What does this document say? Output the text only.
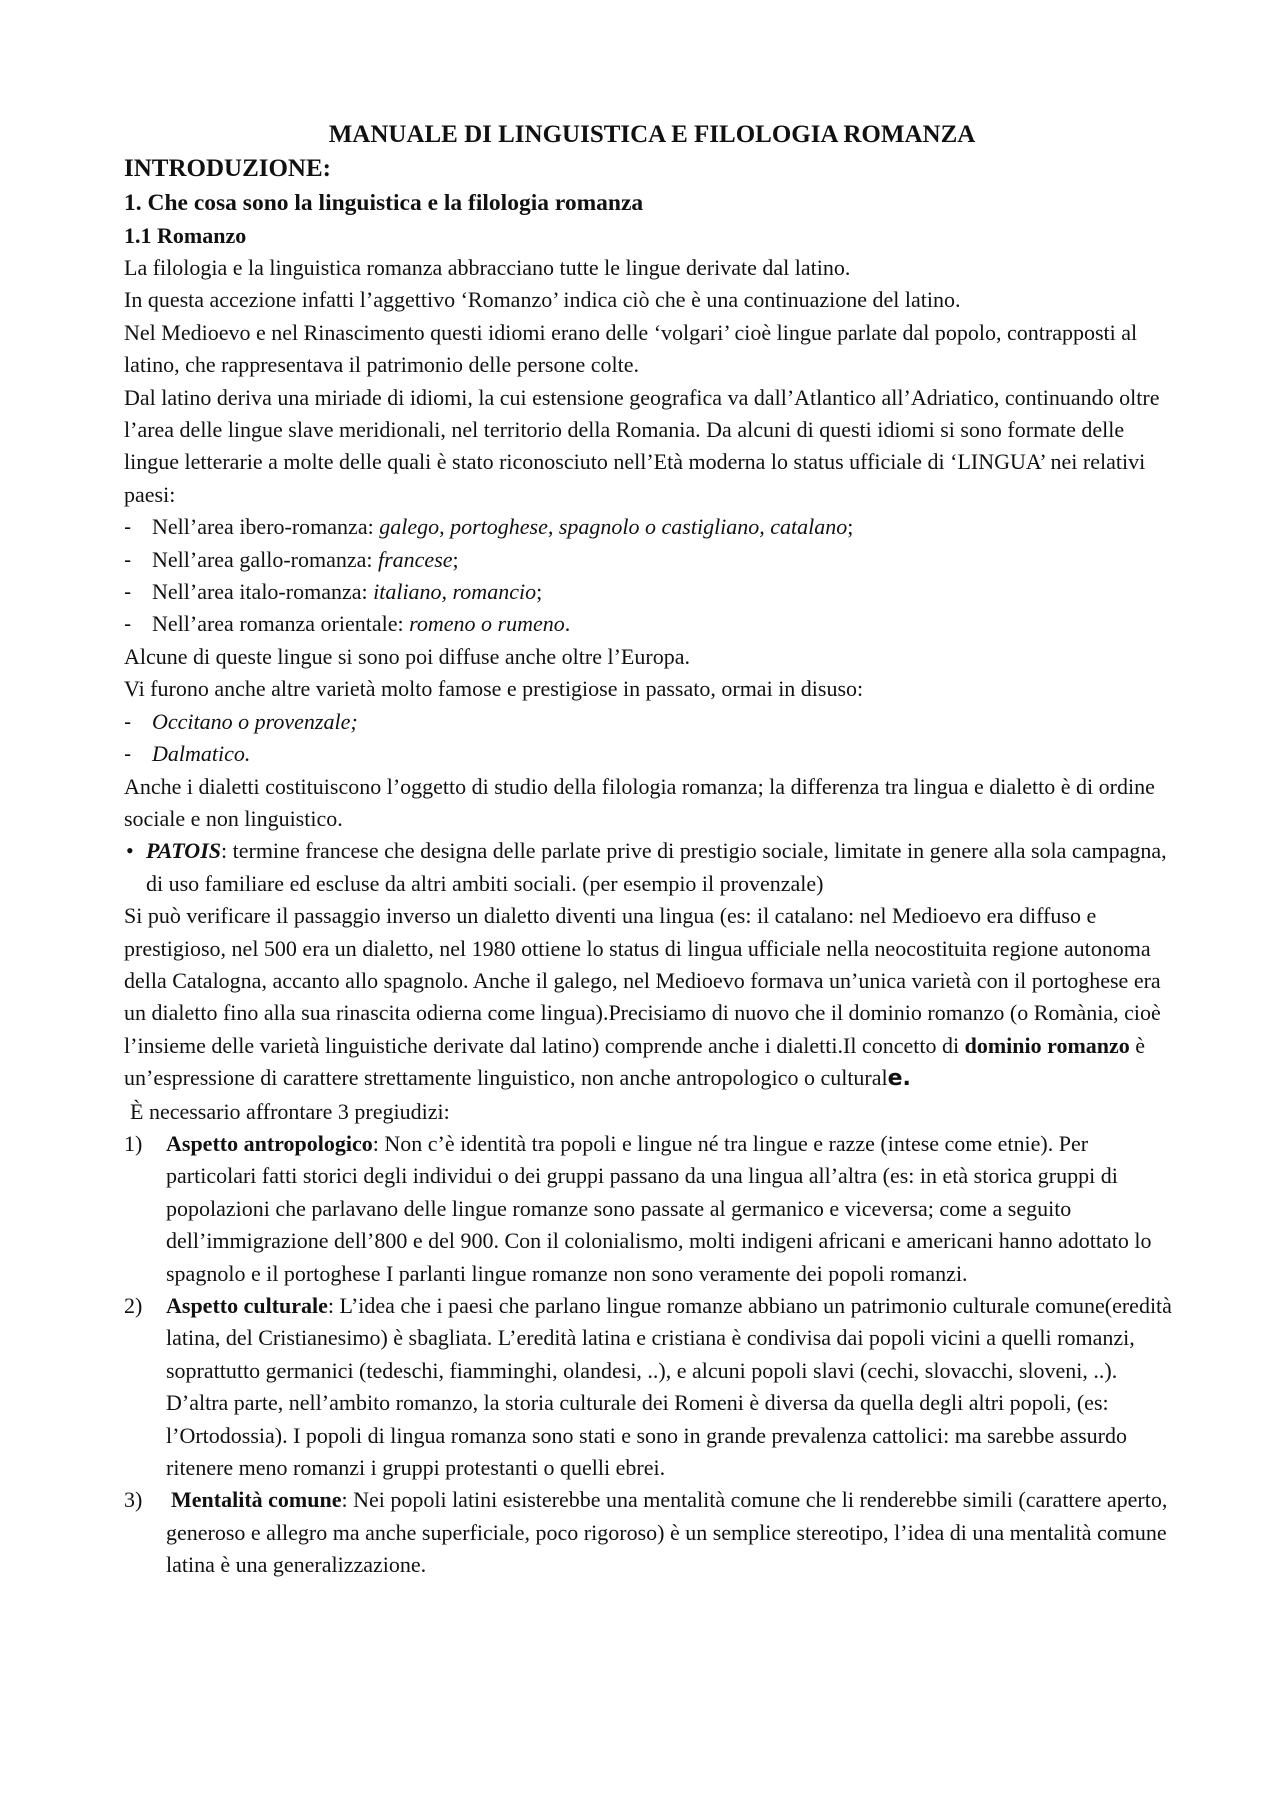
MANUALE DI LINGUISTICA E FILOLOGIA ROMANZA
INTRODUZIONE:
1. Che cosa sono la linguistica e la filologia romanza
1.1 Romanzo

La filologia e la linguistica romanza abbracciano tutte le lingue derivate dal latino.

In questa accezione infatti l’aggettivo ‘Romanzo’ indica ciò che è una continuazione del latino.

Nel Medioevo e nel Rinascimento questi idiomi erano delle ‘volgari’ cioè lingue parlate dal popolo, contrapposti al latino, che rappresentava il patrimonio delle persone colte.

Dal latino deriva una miriade di idiomi, la cui estensione geografica va dall’Atlantico all’Adriatico, continuando oltre l’area delle lingue slave meridionali, nel territorio della Romania. Da alcuni di questi idiomi si sono formate delle lingue letterarie a molte delle quali è stato riconosciuto nell’Età moderna lo status ufficiale di ‘LINGUA’ nei relativi paesi:

- Nell’area ibero-romanza: galego, portoghese, spagnolo o castigliano, catalano;
- Nell’area gallo-romanza: francese;
- Nell’area italo-romanza: italiano, romancio;
- Nell’area romanza orientale: romeno o rumeno.

Alcune di queste lingue si sono poi diffuse anche oltre l’Europa.

Vi furono anche altre varietà molto famose e prestigiose in passato, ormai in disuso:

- Occitano o provenzale;
- Dalmatico.

Anche i dialetti costituiscono l’oggetto di studio della filologia romanza; la differenza tra lingua e dialetto è di ordine sociale e non linguistico.

• PATOIS: termine francese che designa delle parlate prive di prestigio sociale, limitate in genere alla sola campagna, di uso familiare ed escluse da altri ambiti sociali. (per esempio il provenzale)

Si può verificare il passaggio inverso un dialetto diventi una lingua (es: il catalano: nel Medioevo era diffuso e prestigioso, nel 500 era un dialetto, nel 1980 ottiene lo status di lingua ufficiale nella neocostituita regione autonoma della Catalogna, accanto allo spagnolo. Anche il galego, nel Medioevo formava un’unica varietà con il portoghese era un dialetto fino alla sua rinascita odierna come lingua).Precisiamo di nuovo che il dominio romanzo (o Romània, cioè l’insieme delle varietà linguistiche derivate dal latino) comprende anche i dialetti.Il concetto di dominio romanzo è un’espressione di carattere strettamente linguistico, non anche antropologico o culturale.

È necessario affrontare 3 pregiudizi:

1) Aspetto antropologico: Non c’è identità tra popoli e lingue né tra lingue e razze (intese come etnie). Per particolari fatti storici degli individui o dei gruppi passano da una lingua all’altra (es: in età storica gruppi di popolazioni che parlavano delle lingue romanze sono passate al germanico e viceversa; come a seguito dell’immigrazione dell’800 e del 900. Con il colonialismo, molti indigeni africani e americani hanno adottato lo spagnolo e il portoghese I parlanti lingue romanze non sono veramente dei popoli romanzi.
2) Aspetto culturale: L’idea che i paesi che parlano lingue romanze abbiano un patrimonio culturale comune(eredità latina, del Cristianesimo) è sbagliata. L’eredità latina e cristiana è condivisa dai popoli vicini a quelli romanzi, soprattutto germanici (tedeschi, fiamminghi, olandesi, ..), e alcuni popoli slavi (cechi, slovacchi, sloveni, ..). D’altra parte, nell’ambito romanzo, la storia culturale dei Romeni è diversa da quella degli altri popoli, (es: l’Ortodossia). I popoli di lingua romanza sono stati e sono in grande prevalenza cattolici: ma sarebbe assurdo ritenere meno romanzi i gruppi protestanti o quelli ebrei.
3) Mentalità comune: Nei popoli latini esisterebbe una mentalità comune che li renderebbe simili (carattere aperto, generoso e allegro ma anche superficiale, poco rigoroso) è un semplice stereotipo, l’idea di una mentalità comune latina è una generalizzazione.
